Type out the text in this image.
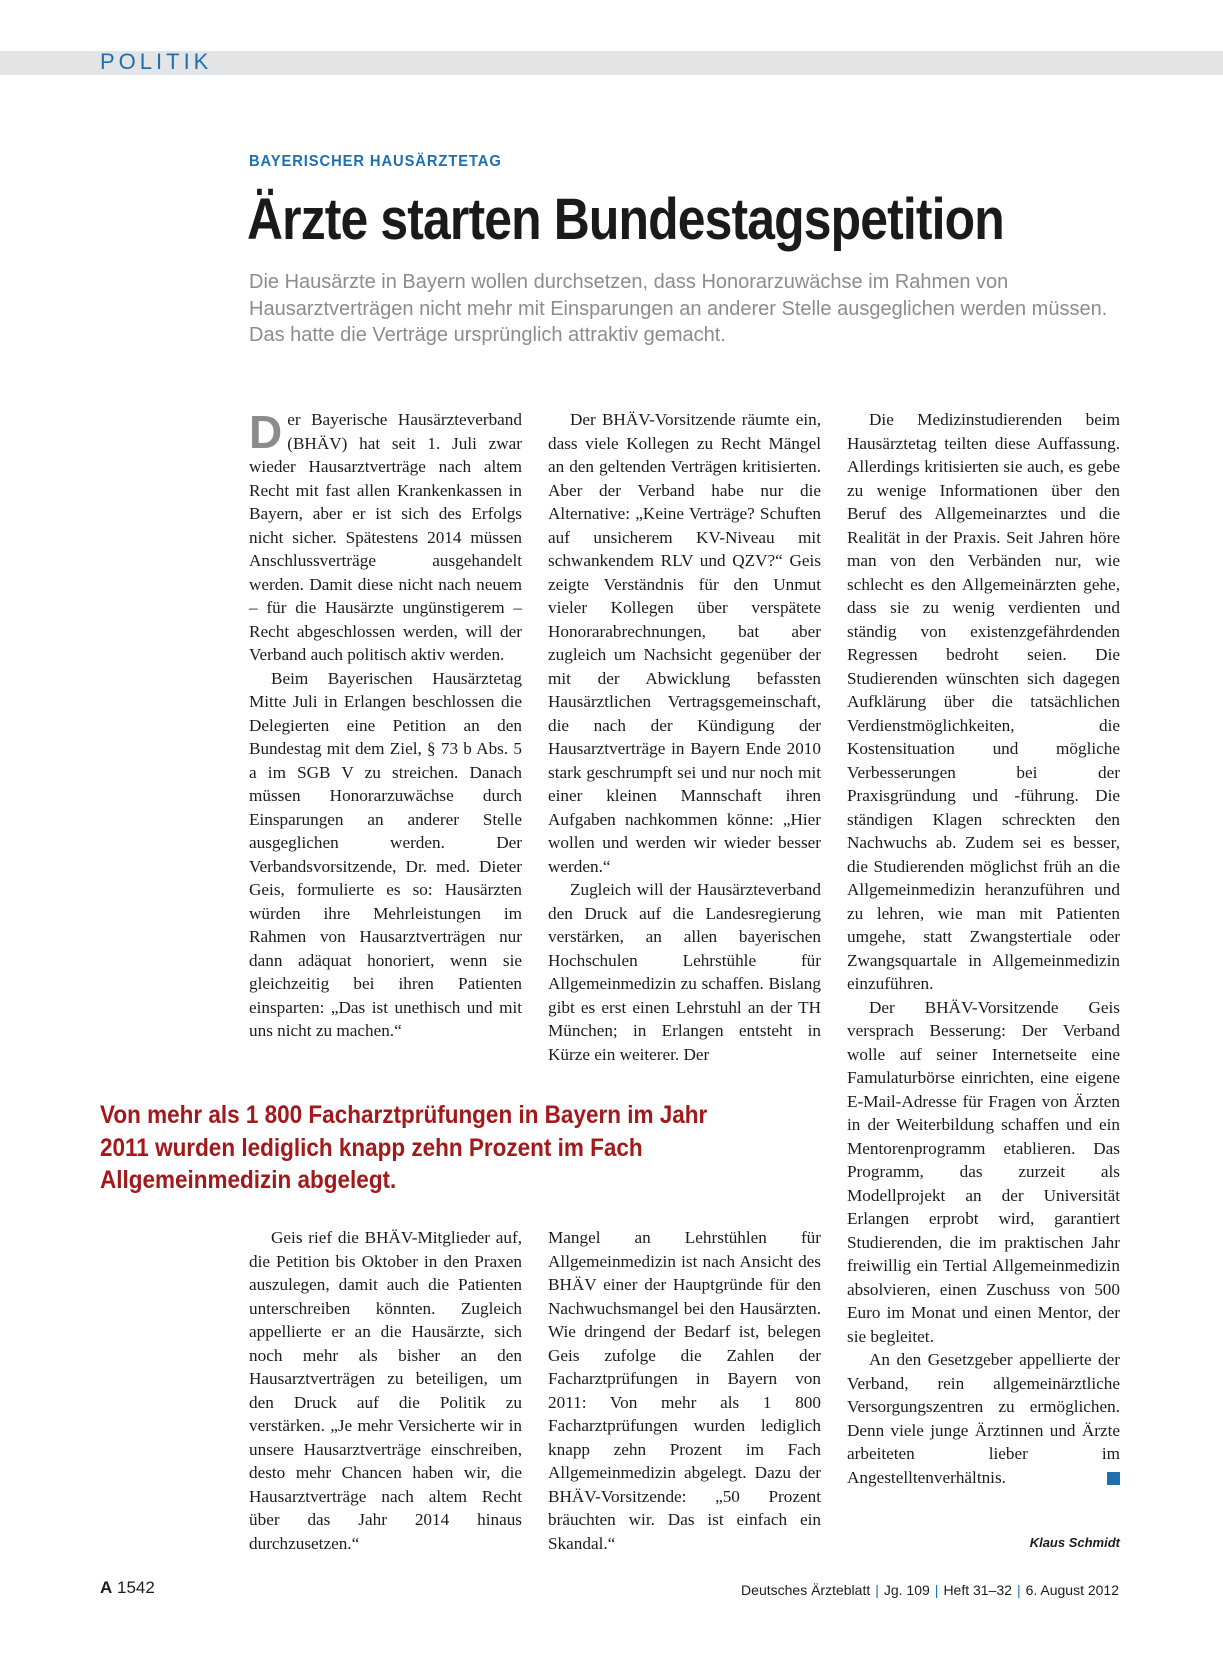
POLITIK
BAYERISCHER HAUSÄRZTETAG
Ärzte starten Bundestagspetition
Die Hausärzte in Bayern wollen durchsetzen, dass Honorarzuwächse im Rahmen von Hausarztverträgen nicht mehr mit Einsparungen an anderer Stelle ausgeglichen werden müssen. Das hatte die Verträge ursprünglich attraktiv gemacht.

Der Bayerische Hausärzteverband (BHÄV) hat seit 1. Juli zwar wieder Hausarztverträge nach altem Recht mit fast allen Krankenkassen in Bayern, aber er ist sich des Erfolgs nicht sicher. Spätestens 2014 müssen Anschlussverträge ausgehandelt werden. Damit diese nicht nach neuem – für die Hausärzte ungünstigerem – Recht abgeschlossen werden, will der Verband auch politisch aktiv werden.

Beim Bayerischen Hausärztetag Mitte Juli in Erlangen beschlossen die Delegierten eine Petition an den Bundestag mit dem Ziel, § 73 b Abs. 5 a im SGB V zu streichen. Danach müssen Honorarzuwächse durch Einsparungen an anderer Stelle ausgeglichen werden. Der Verbandsvorsitzende, Dr. med. Dieter Geis, formulierte es so: Hausärzten würden ihre Mehrleistungen im Rahmen von Hausarztverträgen nur dann adäquat honoriert, wenn sie gleichzeitig bei ihren Patienten einsparten: „Das ist unethisch und mit uns nicht zu machen.“

Der BHÄV-Vorsitzende räumte ein, dass viele Kollegen zu Recht Mängel an den geltenden Verträgen kritisierten. Aber der Verband habe nur die Alternative: „Keine Verträge? Schuften auf unsicherem KV-Niveau mit schwankendem RLV und QZV?“ Geis zeigte Verständnis für den Unmut vieler Kollegen über verspätete Honorarabrechnungen, bat aber zugleich um Nachsicht gegenüber der mit der Abwicklung befassten Hausärztlichen Vertragsgemeinschaft, die nach der Kündigung der Hausarztverträge in Bayern Ende 2010 stark geschrumpft sei und nur noch mit einer kleinen Mannschaft ihren Aufgaben nachkommen könne: „Hier wollen und werden wir wieder besser werden.“

Zugleich will der Hausärzteverband den Druck auf die Landesregierung verstärken, an allen bayerischen Hochschulen Lehrstühle für Allgemeinmedizin zu schaffen. Bislang gibt es erst einen Lehrstuhl an der TH München; in Erlangen entsteht in Kürze ein weiterer. Der

Die Medizinstudierenden beim Hausärztetag teilten diese Auffassung. Allerdings kritisierten sie auch, es gebe zu wenige Informationen über den Beruf des Allgemeinarztes und die Realität in der Praxis. Seit Jahren höre man von den Verbänden nur, wie schlecht es den Allgemeinärzten gehe, dass sie zu wenig verdienten und ständig von existenzgefährdenden Regressen bedroht seien. Die Studierenden wünschten sich dagegen Aufklärung über die tatsächlichen Verdienstmöglichkeiten, die Kostensituation und mögliche Verbesserungen bei der Praxisgründung und -führung. Die ständigen Klagen schreckten den Nachwuchs ab. Zudem sei es besser, die Studierenden möglichst früh an die Allgemeinmedizin heranzuführen und zu lehren, wie man mit Patienten umgehe, statt Zwangstertiale oder Zwangsquartale in Allgemeinmedizin einzuführen.

Der BHÄV-Vorsitzende Geis versprach Besserung: Der Verband wolle auf seiner Internetseite eine Famulaturbörse einrichten, eine eigene E-Mail-Adresse für Fragen von Ärzten in der Weiterbildung schaffen und ein Mentorenprogramm etablieren. Das Programm, das zurzeit als Modellprojekt an der Universität Erlangen erprobt wird, garantiert Studierenden, die im praktischen Jahr freiwillig ein Tertial Allgemeinmedizin absolvieren, einen Zuschuss von 500 Euro im Monat und einen Mentor, der sie begleitet.

An den Gesetzgeber appellierte der Verband, rein allgemeinärztliche Versorgungszentren zu ermöglichen. Denn viele junge Ärztinnen und Ärzte arbeiteten lieber im Angestelltenverhältnis.

Von mehr als 1 800 Facharztprüfungen in Bayern im Jahr 2011 wurden lediglich knapp zehn Prozent im Fach Allgemeinmedizin abgelegt.

Geis rief die BHÄV-Mitglieder auf, die Petition bis Oktober in den Praxen auszulegen, damit auch die Patienten unterschreiben könnten. Zugleich appellierte er an die Hausärzte, sich noch mehr als bisher an den Hausarztverträgen zu beteiligen, um den Druck auf die Politik zu verstärken. „Je mehr Versicherte wir in unsere Hausarztverträge einschreiben, desto mehr Chancen haben wir, die Hausarztverträge nach altem Recht über das Jahr 2014 hinaus durchzusetzen.“

Mangel an Lehrstühlen für Allgemeinmedizin ist nach Ansicht des BHÄV einer der Hauptgründe für den Nachwuchsmangel bei den Hausärzten. Wie dringend der Bedarf ist, belegen Geis zufolge die Zahlen der Facharztprüfungen in Bayern von 2011: Von mehr als 1 800 Facharztprüfungen wurden lediglich knapp zehn Prozent im Fach Allgemeinmedizin abgelegt. Dazu der BHÄV-Vorsitzende: „50 Prozent bräuchten wir. Das ist einfach ein Skandal.“	Klaus Schmidt
A 1542	Deutsches Ärzteblatt | Jg. 109 | Heft 31–32 | 6. August 2012
